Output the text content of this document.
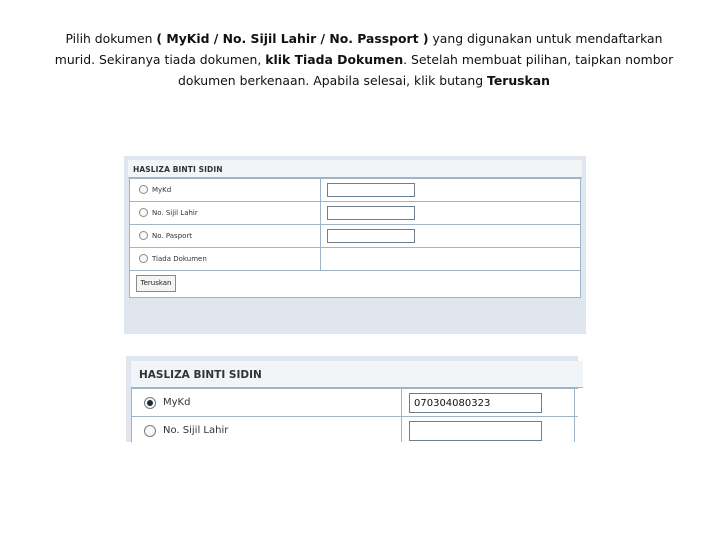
Pilih dokumen ( MyKid / No. Sijil Lahir / No. Passport ) yang digunakan untuk mendaftarkan murid. Sekiranya tiada dokumen, klik Tiada Dokumen. Setelah membuat pilihan, taipkan nombor dokumen berkenaan. Apabila selesai, klik butang Teruskan
HASLIZA BINTI SIDIN
MyKd
No. Sijil Lahir
No. Pasport
Tiada Dokumen
Teruskan
HASLIZA BINTI SIDIN
MyKd	070304080323
No. Sijil Lahir
